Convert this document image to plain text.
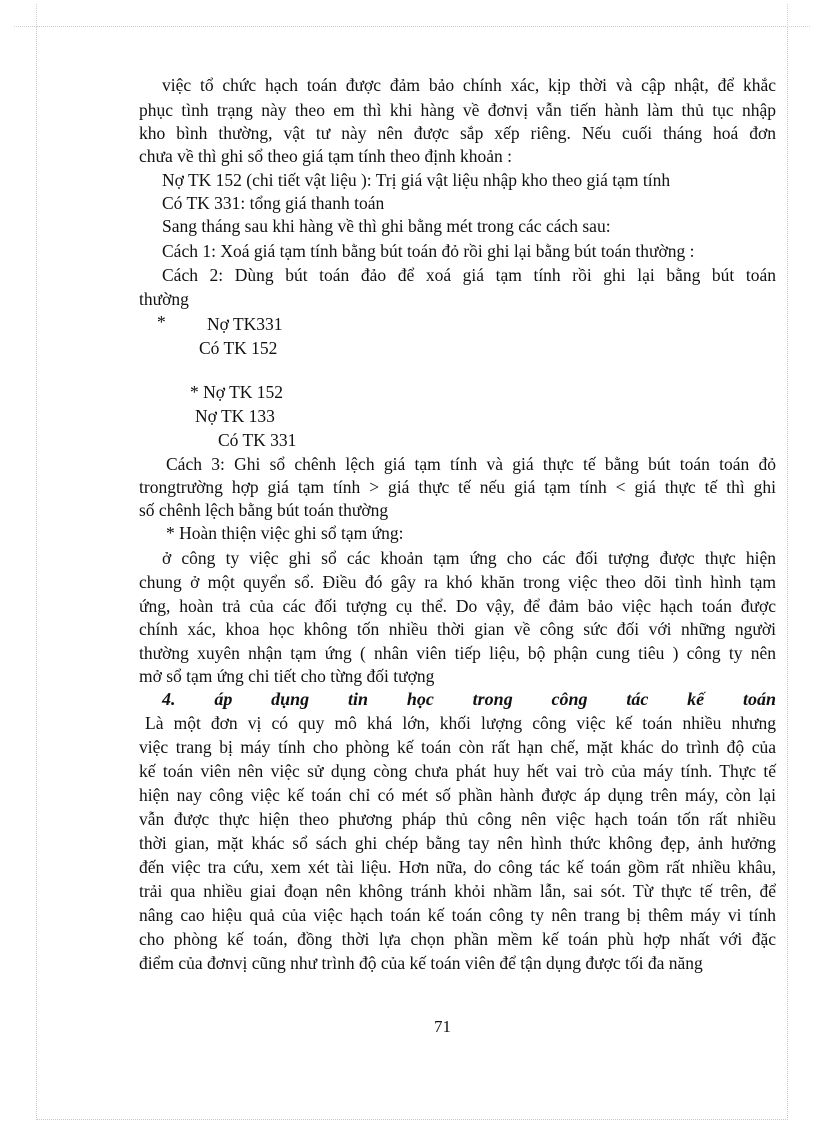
việc tổ chức hạch toán được đảm bảo chính xác, kịp thời và cập nhật, để khắc
phục tình trạng này theo em thì khi hàng về đơnvị vẫn tiến hành làm thủ tục nhập
kho bình thường, vật tư này nên được sắp xếp riêng. Nếu cuối tháng hoá đơn
chưa về thì ghi sổ theo giá tạm tính theo định khoản :
Nợ TK 152 (chi tiết vật liệu ): Trị giá vật liệu nhập kho theo giá tạm tính
Có TK 331: tổng giá thanh toán
Sang tháng sau khi hàng về thì ghi bằng mét trong các cách sau:
Cách 1: Xoá giá tạm tính bằng bút toán đỏ rồi ghi lại bằng bút toán thường :
Cách 2: Dùng bút toán đảo để xoá giá tạm tính rồi ghi lại bằng bút toán
thường
* Nợ TK331
Có TK 152
* Nợ TK 152
Nợ TK 133
Có TK 331
Cách 3: Ghi sổ chênh lệch giá tạm tính và giá thực tế bằng bút toán toán đỏ
trongtrường hợp giá tạm tính > giá thực tế nếu giá tạm tính < giá thực tế thì ghi
số chênh lệch bằng bút toán thường
* Hoàn thiện việc ghi sổ tạm ứng:
ở công ty việc ghi sổ các khoản tạm ứng cho các đối tượng được thực hiện
chung ở một quyển sổ. Điều đó gây ra khó khăn trong việc theo dõi tình hình tạm
ứng, hoàn trả của các đối tượng cụ thể. Do vậy, để đảm bảo việc hạch toán được
chính xác, khoa học không tốn nhiều thời gian về công sức đối với những người
thường xuyên nhận tạm ứng ( nhân viên tiếp liệu, bộ phận cung tiêu ) công ty nên
mở sổ tạm ứng chi tiết cho từng đối tượng
4. áp dụng tin học trong công tác kế toán
Là một đơn vị có quy mô khá lớn, khối lượng công việc kế toán nhiều nhưng
việc trang bị máy tính cho phòng kế toán còn rất hạn chế, mặt khác do trình độ của
kế toán viên nên việc sử dụng còng chưa phát huy hết vai trò của máy tính. Thực tế
hiện nay công việc kế toán chỉ có mét số phần hành được áp dụng trên máy, còn lại
vẫn được thực hiện theo phương pháp thủ công nên việc hạch toán tốn rất nhiều
thời gian, mặt khác sổ sách ghi chép bằng tay nên hình thức không đẹp, ảnh hưởng
đến việc tra cứu, xem xét tài liệu. Hơn nữa, do công tác kế toán gồm rất nhiều khâu,
trải qua nhiều giai đoạn nên không tránh khỏi nhầm lẫn, sai sót. Từ thực tế trên, để
nâng cao hiệu quả của việc hạch toán kế toán công ty nên trang bị thêm máy vi tính
cho phòng kế toán, đồng thời lựa chọn phần mềm kế toán phù hợp nhất với đặc
điểm của đơnvị cũng như trình độ của kế toán viên để tận dụng được tối đa năng
71
